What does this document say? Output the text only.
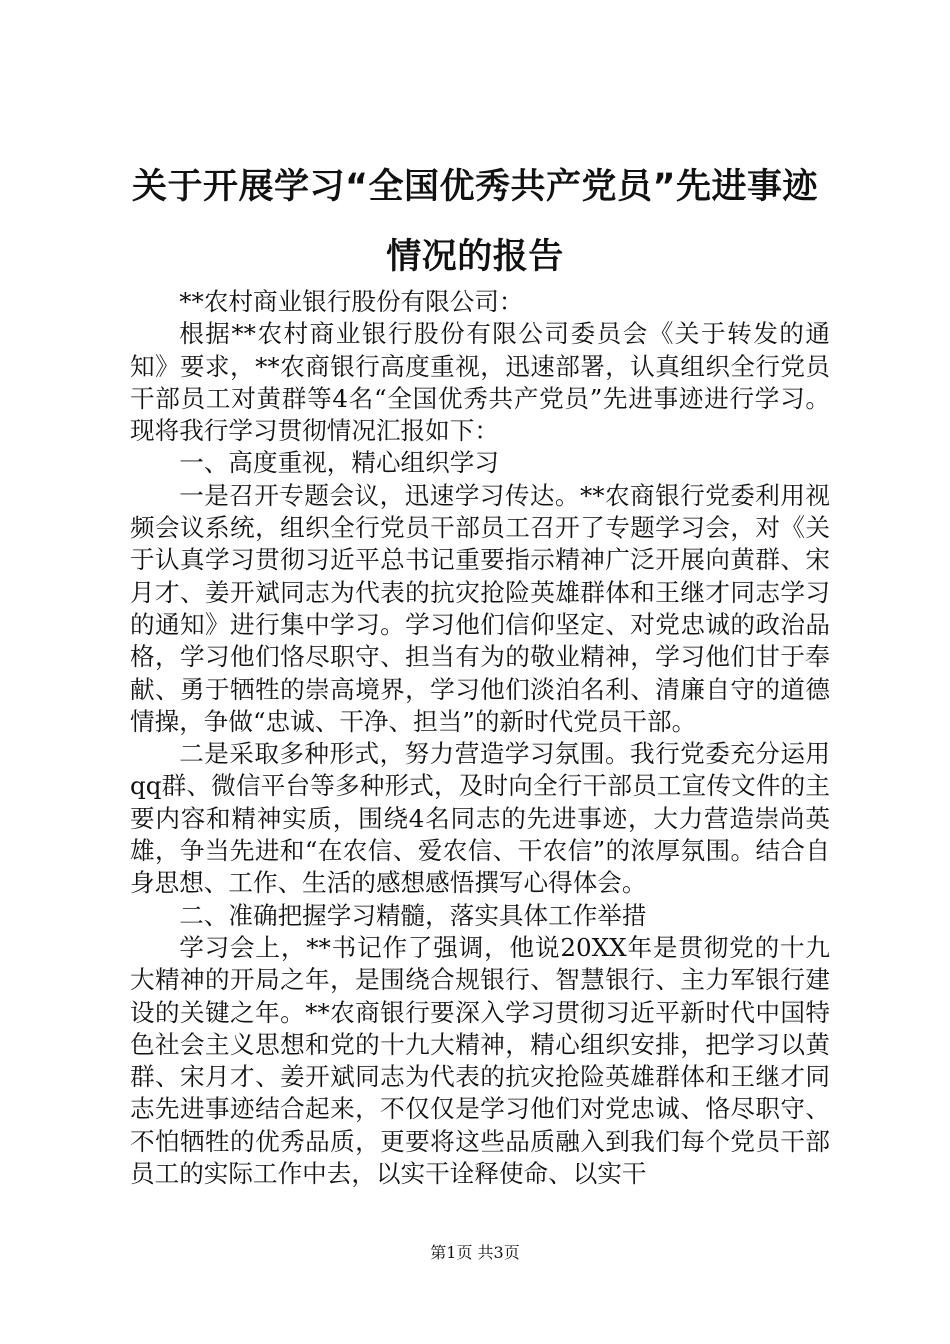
关于开展学习“全国优秀共产党员”先进事迹
情况的报告

**农村商业银行股份有限公司：

根据**农村商业银行股份有限公司委员会《关于转发的通知》要求，**农商银行高度重视，迅速部署，认真组织全行党员干部员工对黄群等4名“全国优秀共产党员”先进事迹进行学习。现将我行学习贯彻情况汇报如下：

一、高度重视，精心组织学习

一是召开专题会议，迅速学习传达。**农商银行党委利用视频会议系统，组织全行党员干部员工召开了专题学习会，对《关于认真学习贯彻习近平总书记重要指示精神广泛开展向黄群、宋月才、姜开斌同志为代表的抗灾抢险英雄群体和王继才同志学习的通知》进行集中学习。学习他们信仰坚定、对党忠诚的政治品格，学习他们恪尽职守、担当有为的敬业精神，学习他们甘于奉献、勇于牺牲的崇高境界，学习他们淡泊名利、清廉自守的道德情操，争做“忠诚、干净、担当”的新时代党员干部。

二是采取多种形式，努力营造学习氛围。我行党委充分运用qq群、微信平台等多种形式，及时向全行干部员工宣传文件的主要内容和精神实质，围绕4名同志的先进事迹，大力营造崇尚英雄，争当先进和“在农信、爱农信、干农信”的浓厚氛围。结合自身思想、工作、生活的感想感悟撰写心得体会。

二、准确把握学习精髓，落实具体工作举措

学习会上，**书记作了强调，他说20XX年是贯彻党的十九大精神的开局之年，是围绕合规银行、智慧银行、主力军银行建设的关键之年。**农商银行要深入学习贯彻习近平新时代中国特色社会主义思想和党的十九大精神，精心组织安排，把学习以黄群、宋月才、姜开斌同志为代表的抗灾抢险英雄群体和王继才同志先进事迹结合起来，不仅仅是学习他们对党忠诚、恪尽职守、不怕牺牲的优秀品质，更要将这些品质融入到我们每个党员干部员工的实际工作中去，以实干诠释使命、以实干

第1页 共3页
